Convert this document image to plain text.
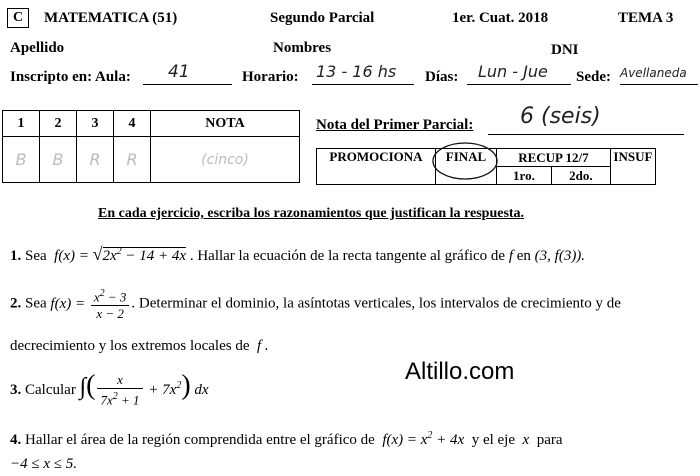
C	MATEMATICA (51)	Segundo Parcial	1er. Cuat. 2018	TEMA 3
Apellido	Nombres	DNI
Inscripto en: Aula: 41	Horario: 13 - 16 hs Días: Lun - Jue Sede: Avellaneda
1	2	3	4	NOTA
B	B	R	R	(cinco)
Nota del Primer Parcial: 6 (seis)
PROMOCIONA	FINAL	RECUP 12/7		INSUF
		1ro.	2do.	
En cada ejercicio, escriba los razonamientos que justifican la respuesta.
1. Sea  $f(x) = √2x^2 - 14 + 4x$ . Hallar la ecuación de la recta tangente al gráfico de f en (3, f(3)).
2. Sea $f(x) = \frac{x^2 - 3}{x - 2}$ . Determinar el dominio, la asíntotas verticales, los intervalos de crecimiento y de
decrecimiento y los extremos locales de  f .
Altillo.com
3. Calcular ∫( $\frac{x}{7x^2 + 1} + 7x^2$) dx
4. Hallar el área de la región comprendida entre el gráfico de  $f(x) = x^2 + 4x$  y el eje  x  para
−4 ≤ x ≤ 5.
